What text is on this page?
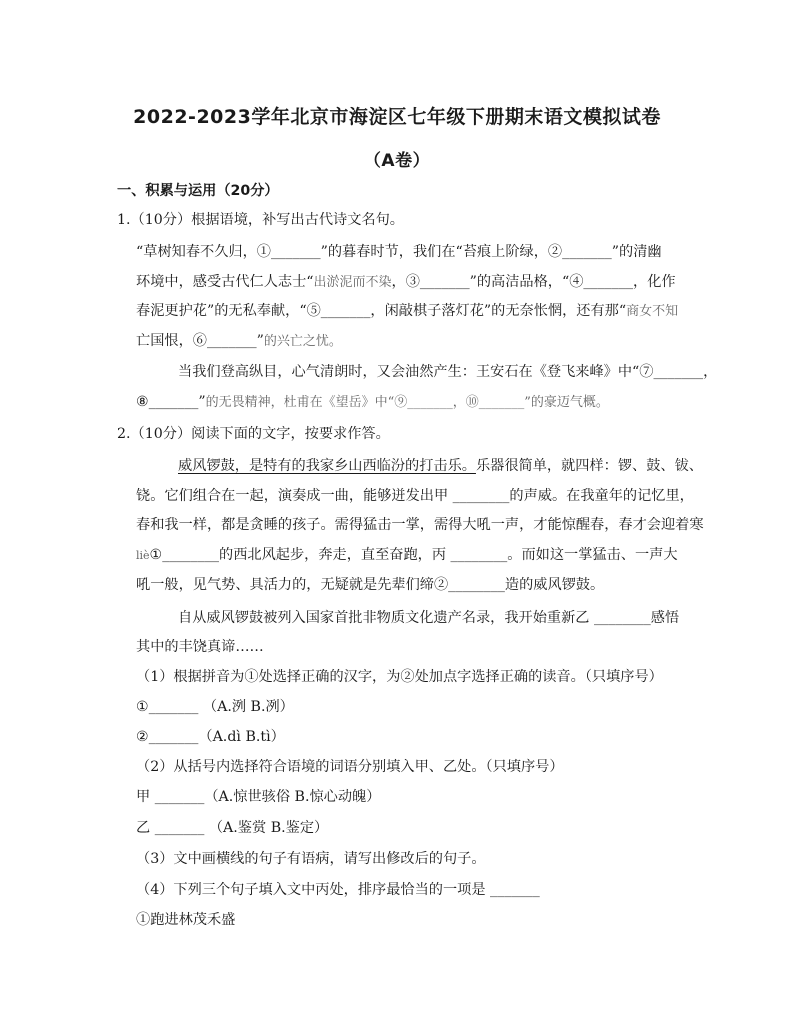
2022-2023学年北京市海淀区七年级下册期末语文模拟试卷
（A卷）
一、积累与运用（20分）
1.（10分）根据语境，补写出古代诗文名句。
“草树知春不久归，①_______”的暮春时节，我们在“苔痕上阶绿，②_______”的清幽
环境中，感受古代仁人志士“出淤泥而不染，③_______”的高洁品格，“④_______，化作
春泥更护花”的无私奉献，“⑤_______，闲敲棋子落灯花”的无奈怅惘，还有那“商女不知
亡国恨，⑥_______”的兴亡之忧。
当我们登高纵目，心气清朗时，又会油然产生：王安石在《登飞来峰》中“⑦_______，
⑧_______”的无畏精神，杜甫在《望岳》中“⑨_______，⑩_______”的豪迈气概。
2.（10分）阅读下面的文字，按要求作答。
威风锣鼓，是特有的我家乡山西临汾的打击乐。乐器很简单，就四样：锣、鼓、钹、
铙。它们组合在一起，演奏成一曲，能够迸发出甲 ________的声威。在我童年的记忆里，
春和我一样，都是贪睡的孩子。需得猛击一掌，需得大吼一声，才能惊醒春，春才会迎着寒
liè①________的西北风起步，奔走，直至奋跑，丙 ________。而如这一掌猛击、一声大
吼一般，见气势、具活力的，无疑就是先辈们缔②________造的威风锣鼓。
自从威风锣鼓被列入国家首批非物质文化遗产名录，我开始重新乙 ________感悟
其中的丰饶真谛……
（1）根据拼音为①处选择正确的汉字，为②处加点字选择正确的读音。（只填序号）
①_______ （A.洌 B.冽）
②_______（A.dì B.tì）
（2）从括号内选择符合语境的词语分别填入甲、乙处。（只填序号）
甲 _______（A.惊世骇俗 B.惊心动魄）
乙 _______ （A.鉴赏 B.鉴定）
（3）文中画横线的句子有语病，请写出修改后的句子。
（4）下列三个句子填入文中丙处，排序最恰当的一项是 _______
①跑进林茂禾盛
